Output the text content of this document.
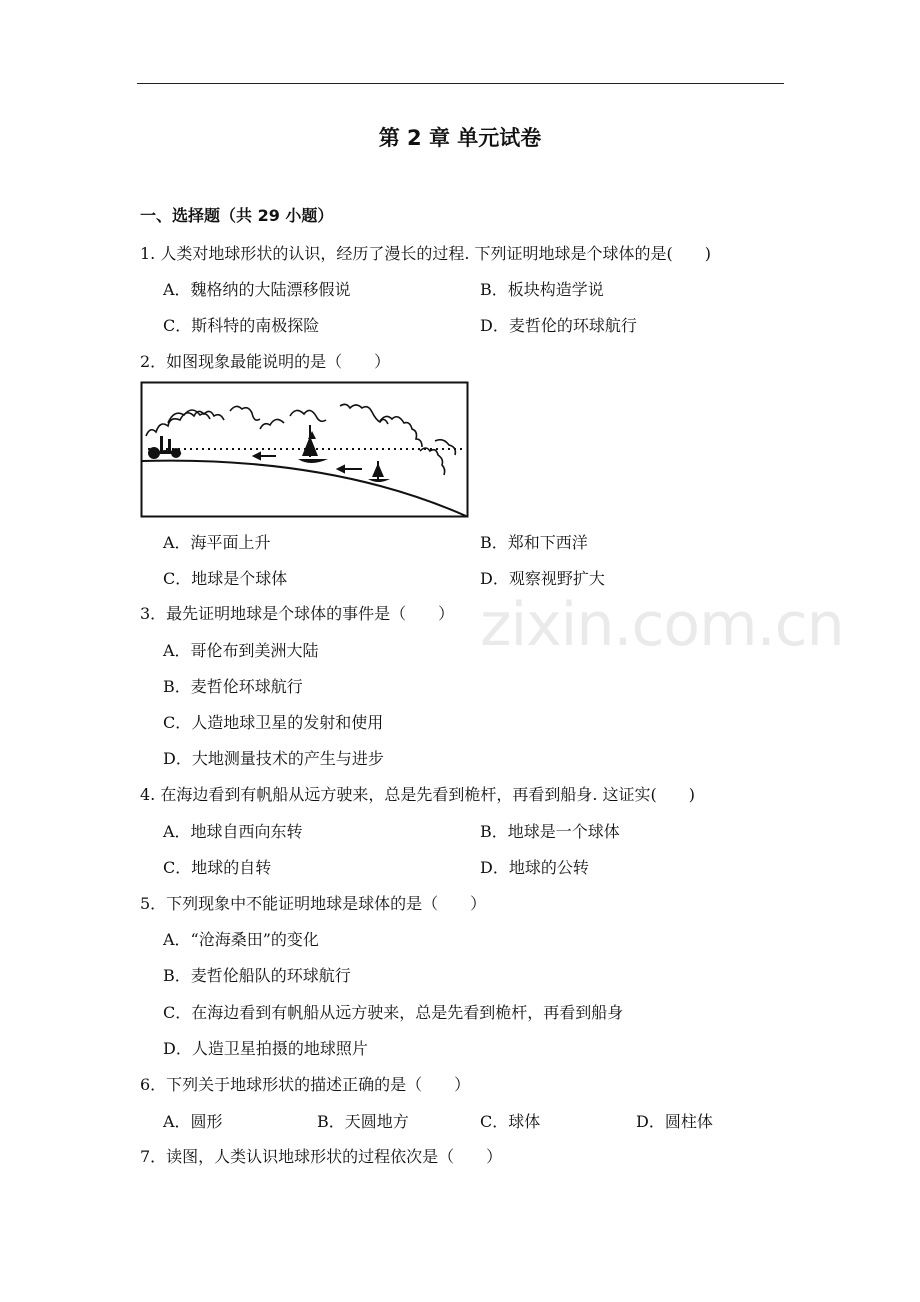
第 2 章 单元试卷
一、选择题（共 29 小题）
zixin.com.cn
1. 人类对地球形状的认识，经历了漫长的过程. 下列证明地球是个球体的是(　　)
A．魏格纳的大陆漂移假说	B．板块构造学说
C．斯科特的南极探险	D．麦哲伦的环球航行
2．如图现象最能说明的是（　　）
A．海平面上升	B．郑和下西洋
C．地球是个球体	D．观察视野扩大
3．最先证明地球是个球体的事件是（　　）
A．哥伦布到美洲大陆
B．麦哲伦环球航行
C．人造地球卫星的发射和使用
D．大地测量技术的产生与进步
4. 在海边看到有帆船从远方驶来，总是先看到桅杆，再看到船身. 这证实(　　)
A．地球自西向东转	B．地球是一个球体
C．地球的自转	D．地球的公转
5．下列现象中不能证明地球是球体的是（　　）
A．“沧海桑田”的变化
B．麦哲伦船队的环球航行
C．在海边看到有帆船从远方驶来，总是先看到桅杆，再看到船身
D．人造卫星拍摄的地球照片
6．下列关于地球形状的描述正确的是（　　）
A．圆形	B．天圆地方	C．球体	D．圆柱体
7．读图，人类认识地球形状的过程依次是（　　）
